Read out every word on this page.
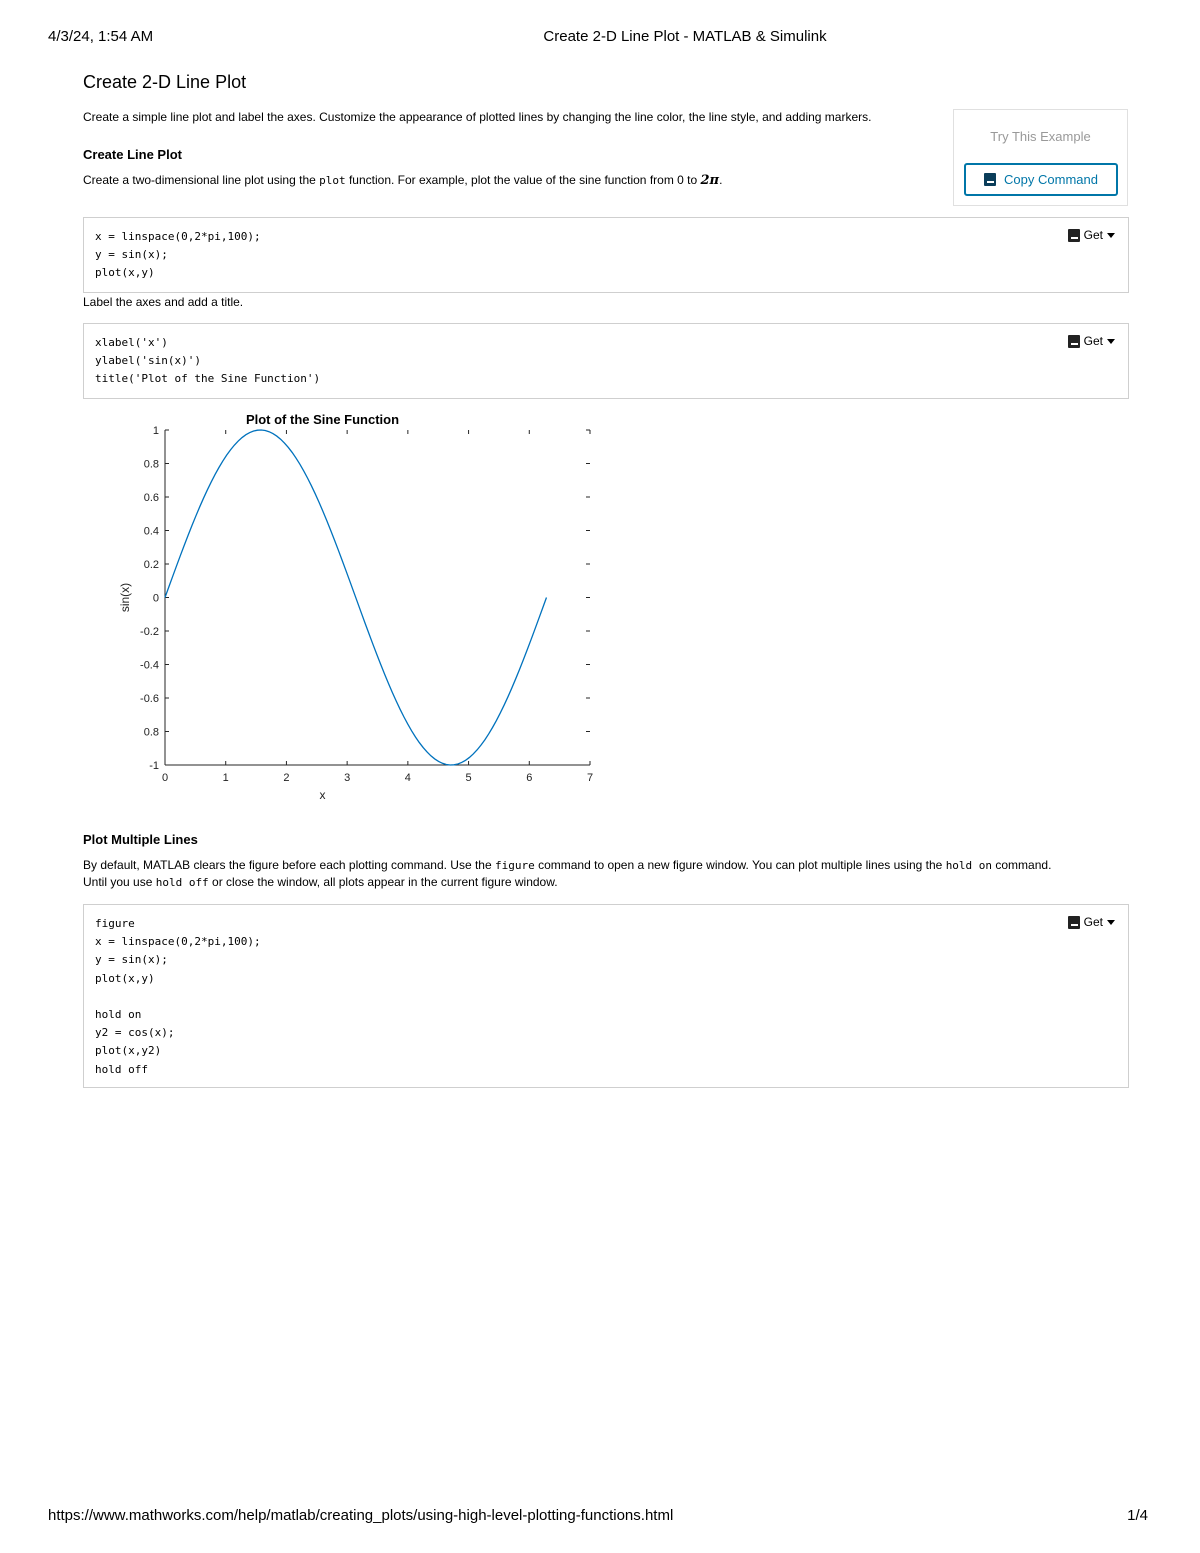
4/3/24, 1:54 AM	Create 2-D Line Plot - MATLAB & Simulink
Create 2-D Line Plot

Create a simple line plot and label the axes. Customize the appearance of plotted lines by changing the line color, the line style, and adding markers.

Try This Example
Copy Command
Create Line Plot

Create a two-dimensional line plot using the plot function. For example, plot the value of the sine function from 0 to 2π.

x = linspace(0,2*pi,100);
y = sin(x);
plot(x,y)
Get

Label the axes and add a title.

xlabel('x')
ylabel('sin(x)')
title('Plot of the Sine Function')
Get
0	1	2	3	4	5	6	7
1
0.8
0.6
0.4
0.2
0
-0.2
-0.4
-0.6
0.8
-1
Plot of the Sine Function
x
sin(x)
Plot Multiple Lines

By default, MATLAB clears the figure before each plotting command. Use the figure command to open a new figure window. You can plot multiple lines using the hold on command.

Until you use hold off or close the window, all plots appear in the current figure window.

figure
x = linspace(0,2*pi,100);
y = sin(x);
plot(x,y)

hold on
y2 = cos(x);
plot(x,y2)
hold off
Get
https://www.mathworks.com/help/matlab/creating_plots/using-high-level-plotting-functions.html	1/4
